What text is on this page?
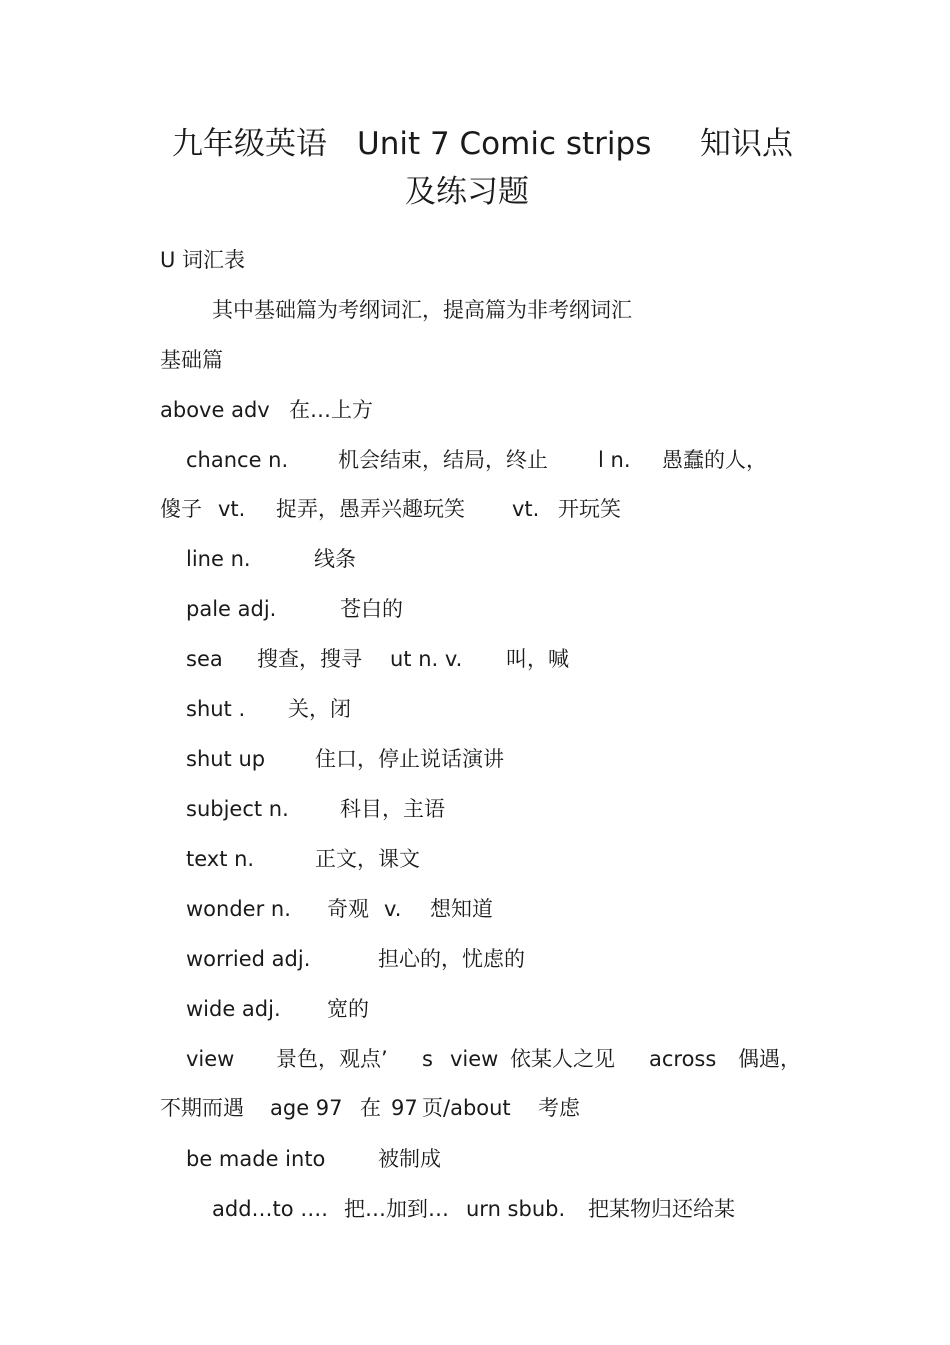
九年级英语 Unit 7 Comic strips 知识点
及练习题
U 词汇表
其中基础篇为考纲词汇，提高篇为非考纲词汇
基础篇
above adv 在…上方
chance n. 机会结束，结局，终止 l n. 愚蠢的人，
傻子 vt. 捉弄，愚弄兴趣玩笑 vt. 开玩笑
line n.	线条
pale adj.	苍白的
sea 搜查，搜寻 ut n. v. 叫，喊
shut . 关，闭
shut up 住口，停止说话演讲
subject n. 科目，主语
text n.	正文，课文
wonder n. 奇观 v. 想知道
worried adj.	担心的，忧虑的
wide adj. 宽的
view 景色，观点’ s view 依某人之见 across 偶遇，
不期而遇 age 97 在 97 页/about 考虑
be made into	被制成
add…to …. 把…加到… urn sbub. 把某物归还给某
